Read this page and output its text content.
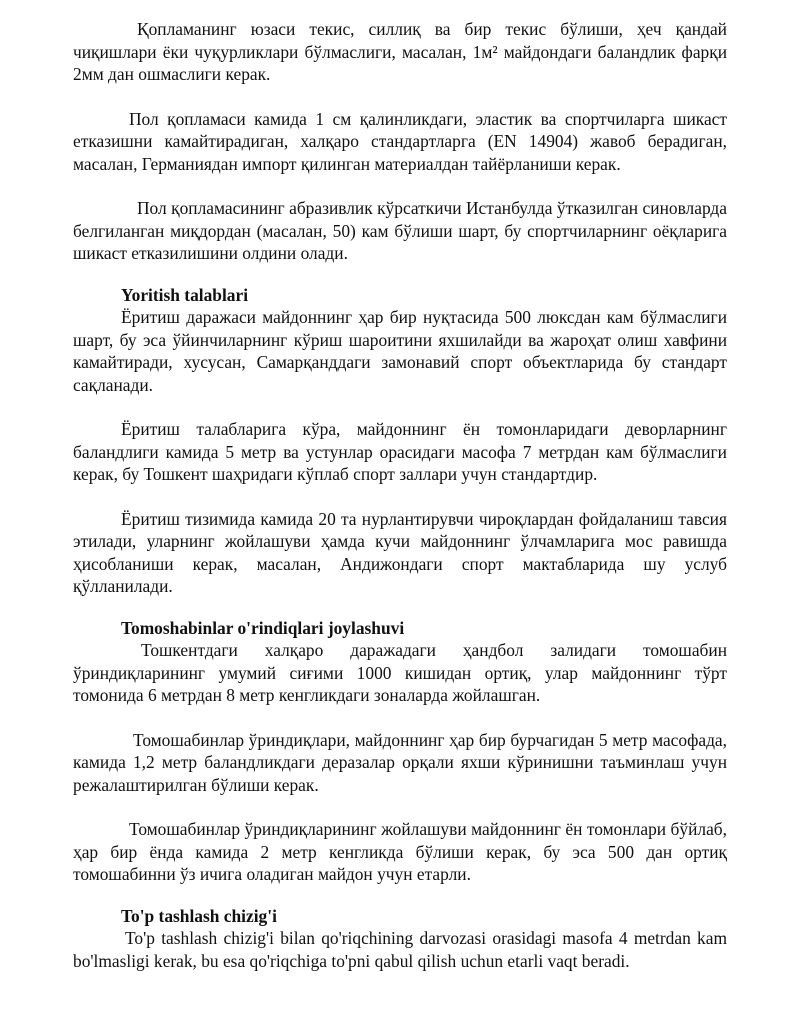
Қопламанинг юзаси текис, силлиқ ва бир текис бўлиши, ҳеч қандай чиқишлари ёки чуқурликлари бўлмаслиги, масалан, 1м² майдондаги баландлик фарқи 2мм дан ошмаслиги керак.

Пол қопламаси камида 1 см қалинликдаги, эластик ва спортчиларга шикаст етказишни камайтирадиган, халқаро стандартларга (EN 14904) жавоб берадиган, масалан, Германиядан импорт қилинган материалдан тайёрланиши керак.

Пол қопламасининг абразивлик кўрсаткичи Истанбулда ўтказилган синовларда белгиланган миқдордан (масалан, 50) кам бўлиши шарт, бу спортчиларнинг оёқларига шикаст етказилишини олдини олади.

Yoritish talablari

Ёритиш даражаси майдоннинг ҳар бир нуқтасида 500 люксдан кам бўлмаслиги шарт, бу эса ўйинчиларнинг кўриш шароитини яхшилайди ва жароҳат олиш хавфини камайтиради, хусусан, Самарқанддаги замонавий спорт объектларида бу стандарт сақланади.

Ёритиш талабларига кўра, майдоннинг ён томонларидаги деворларнинг баландлиги камида 5 метр ва устунлар орасидаги масофа 7 метрдан кам бўлмаслиги керак, бу Тошкент шаҳридаги кўплаб спорт заллари учун стандартдир.

Ёритиш тизимида камида 20 та нурлантирувчи чироқлардан фойдаланиш тавсия этилади, уларнинг жойлашуви ҳамда кучи майдоннинг ўлчамларига мос равишда ҳисобланиши керак, масалан, Андижондаги спорт мактабларида шу услуб қўлланилади.

Tomoshabinlar o'rindiqlari joylashuvi

Тошкентдаги халқаро даражадаги ҳандбол залидаги томошабин ўриндиқларининг умумий сиғими 1000 кишидан ортиқ, улар майдоннинг тўрт томонида 6 метрдан 8 метр кенгликдаги зоналарда жойлашган.

Томошабинлар ўриндиқлари, майдоннинг ҳар бир бурчагидан 5 метр масофада, камида 1,2 метр баландликдаги деразалар орқали яхши кўринишни таъминлаш учун режалаштирилган бўлиши керак.

Томошабинлар ўриндиқларининг жойлашуви майдоннинг ён томонлари бўйлаб, ҳар бир ёнда камида 2 метр кенгликда бўлиши керак, бу эса 500 дан ортиқ томошабинни ўз ичига оладиган майдон учун етарли.

To'p tashlash chizig'i

To'p tashlash chizig'i bilan qo'riqchining darvozasi orasidagi masofa 4 metrdan kam bo'lmasligi kerak, bu esa qo'riqchiga to'pni qabul qilish uchun etarli vaqt beradi.
